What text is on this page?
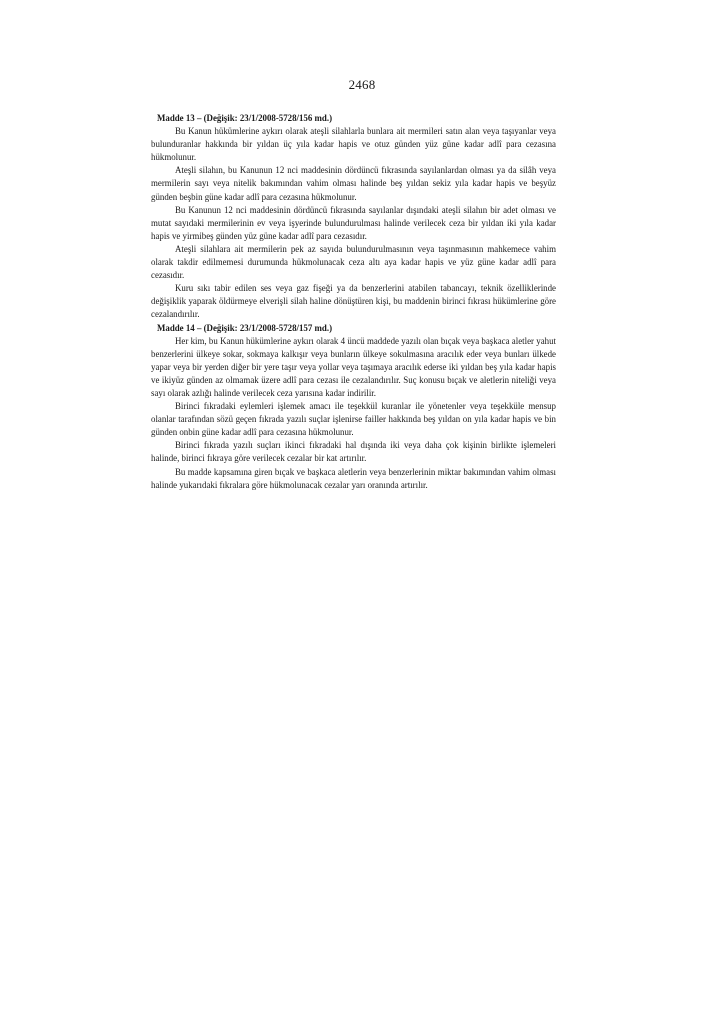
2468

Madde 13 – (Değişik: 23/1/2008-5728/156 md.)

Bu Kanun hükümlerine aykırı olarak ateşli silahlarla bunlara ait mermileri satın alan veya taşıyanlar veya bulunduranlar hakkında bir yıldan üç yıla kadar hapis ve otuz günden yüz güne kadar adlî para cezasına hükmolunur.

Ateşli silahın, bu Kanunun 12 nci maddesinin dördüncü fıkrasında sayılanlardan olması ya da silâh veya mermilerin sayı veya nitelik bakımından vahim olması halinde beş yıldan sekiz yıla kadar hapis ve beşyüz günden beşbin güne kadar adlî para cezasına hükmolunur.

Bu Kanunun 12 nci maddesinin dördüncü fıkrasında sayılanlar dışındaki ateşli silahın bir adet olması ve mutat sayıdaki mermilerinin ev veya işyerinde bulundurulması halinde verilecek ceza bir yıldan iki yıla kadar hapis ve yirmibeş günden yüz güne kadar adlî para cezasıdır.

Ateşli silahlara ait mermilerin pek az sayıda bulundurulmasının veya taşınmasının mahkemece vahim olarak takdir edilmemesi durumunda hükmolunacak ceza altı aya kadar hapis ve yüz güne kadar adlî para cezasıdır.

Kuru sıkı tabir edilen ses veya gaz fişeği ya da benzerlerini atabilen tabancayı, teknik özelliklerinde değişiklik yaparak öldürmeye elverişli silah haline dönüştüren kişi, bu maddenin birinci fıkrası hükümlerine göre cezalandırılır.

Madde 14 – (Değişik: 23/1/2008-5728/157 md.)

Her kim, bu Kanun hükümlerine aykırı olarak 4 üncü maddede yazılı olan bıçak veya başkaca aletler yahut benzerlerini ülkeye sokar, sokmaya kalkışır veya bunların ülkeye sokulmasına aracılık eder veya bunları ülkede yapar veya bir yerden diğer bir yere taşır veya yollar veya taşımaya aracılık ederse iki yıldan beş yıla kadar hapis ve ikiyüz günden az olmamak üzere adlî para cezası ile cezalandırılır. Suç konusu bıçak ve aletlerin niteliği veya sayı olarak azlığı halinde verilecek ceza yarısına kadar indirilir.

Birinci fıkradaki eylemleri işlemek amacı ile teşekkül kuranlar ile yönetenler veya teşekküle mensup olanlar tarafından sözü geçen fıkrada yazılı suçlar işlenirse failler hakkında beş yıldan on yıla kadar hapis ve bin günden onbin güne kadar adlî para cezasına hükmolunur.

Birinci fıkrada yazılı suçları ikinci fıkradaki hal dışında iki veya daha çok kişinin birlikte işlemeleri halinde, birinci fıkraya göre verilecek cezalar bir kat artırılır.

Bu madde kapsamına giren bıçak ve başkaca aletlerin veya benzerlerinin miktar bakımından vahim olması halinde yukarıdaki fıkralara göre hükmolunacak cezalar yarı oranında artırılır.
